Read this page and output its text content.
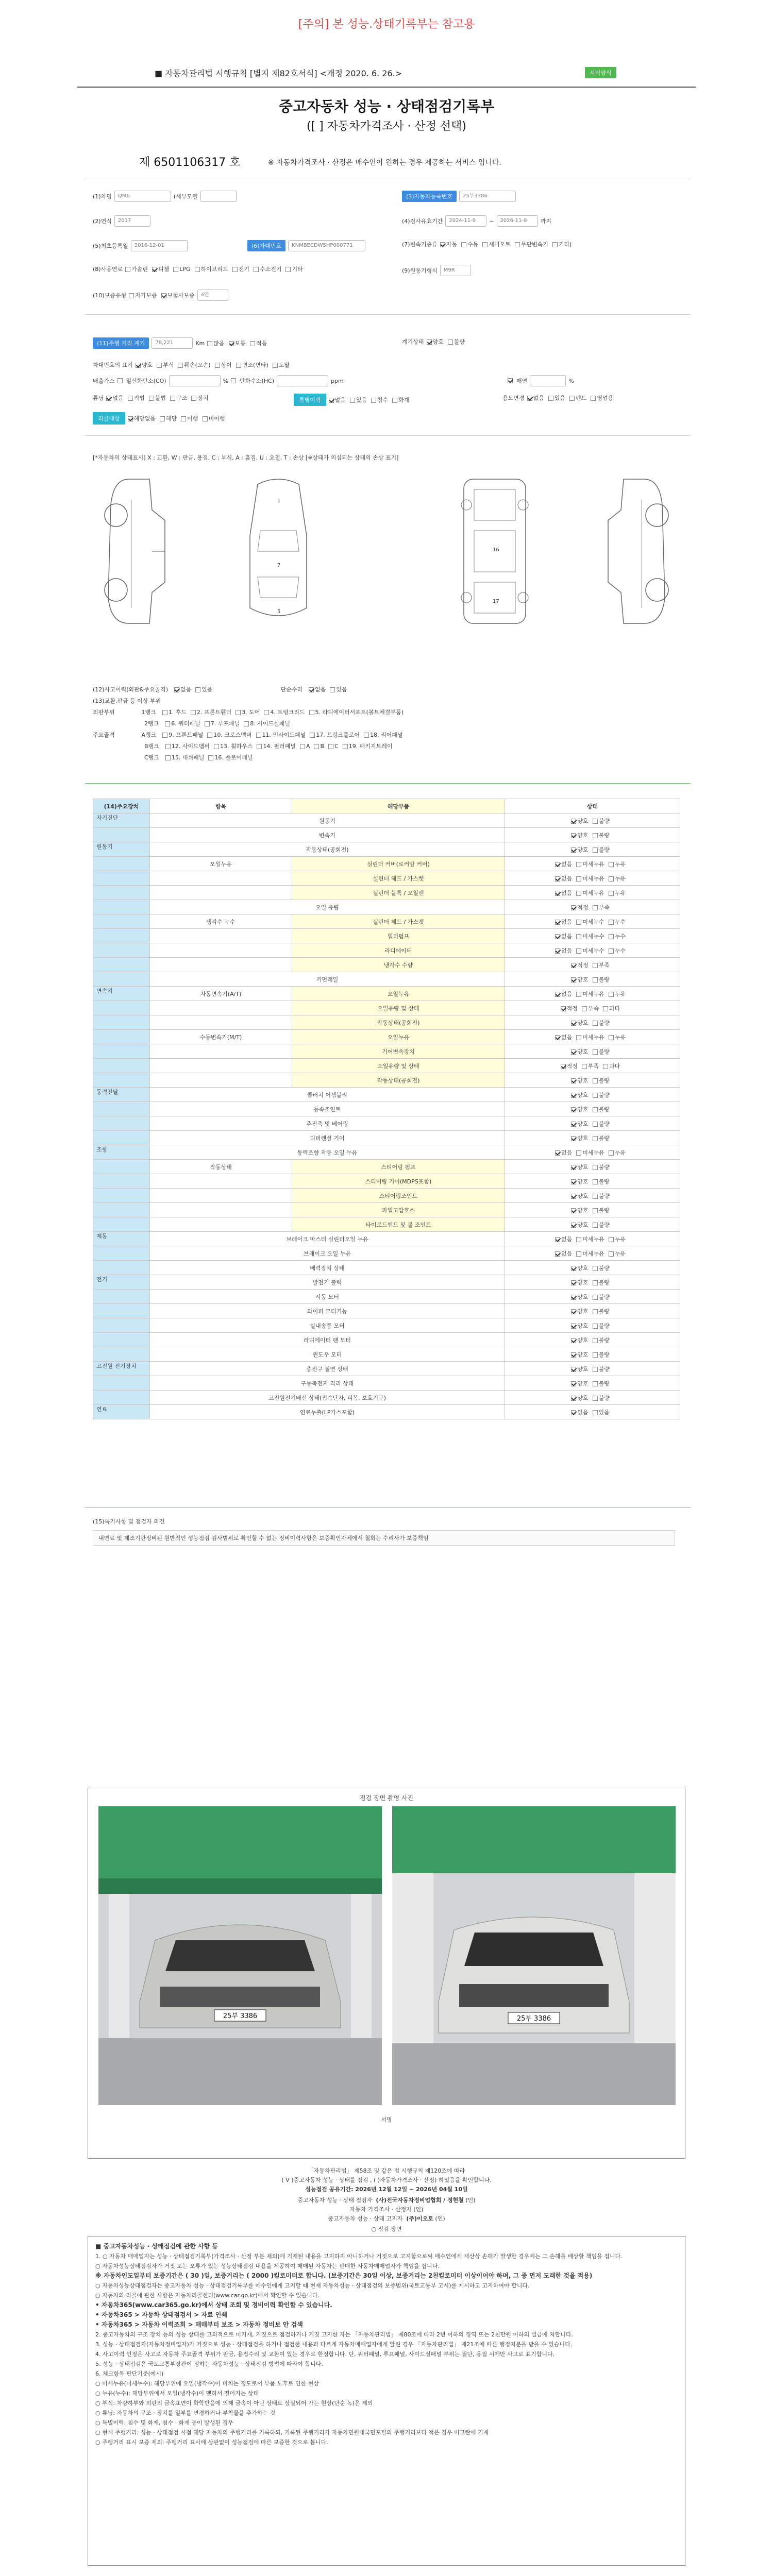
[주의] 본 성능.상태기록부는 참고용
■ 자동차관리법 시행규칙 [별지 제82호서식] <개정 2020. 6. 26.>	서식양식
중고자동차 성능 · 상태점검기록부
([ ] 자동차가격조사 · 산정 선택)
제 6501106317 호	※ 자동차가격조사 · 산정은 매수인이 원하는 경우 제공하는 서비스 입니다.
(1)차명	QM6	(세부모델
(2)연식	2017
(5)최초등록일	2016-12-01
(8)사용연료	가솔린	디젤	LPG	하이브리드	전기	수소전기	기타
(10)보증유형	자가보증	보험사보증	4만
(3)자동차등록번호	25부3386
(4)검사유효기간	2024-11-9	~	2026-11-9	까지
(6)차대번호	KNMBECDW5HP000771	(7)변속기종류	자동	수동	세미오토	무단변속기	기타(
(9)원동기형식	M9R
(11)주행 거리 계기	78,221	Km	많음	보통	적음	계기상태	양호	불량
차대번호의 표기	양호	부식	훼손(오손)	상이	변조(변타)	도말
배출가스 일산화탄소(CO)	% 탄화수소(HC)	ppm	매연	%
튜닝	없음	적법	불법	구조	장치	특별이력	없음	있음	침수	화재	용도변경	없음	있음	렌트	영업용
리콜대상	해당없음	해당	이행	미이행
[*자동차의 상태표시] X : 교환, W : 판금, 용접, C : 부식, A : 흠집, U : 요철, T : 손상 [※상태가 의심되는 상태의 손상 표기]
1
7
5
16
17
(12)사고이력(외판&주요골격)	없음	있음	단순수리	없음	있음
(13)교환,판금 등 이상 부위
외판부위	1랭크	1. 후드	2. 프론트휀더	3. 도어	4. 트렁크리드	5. 라디에이터서포트(볼트체결부품)
2랭크	6. 쿼터패널	7. 루프패널	8. 사이드실패널
주요골격	A랭크	9. 프론트패널	10. 크로스멤버	11. 인사이드패널	17. 트렁크플로어	18. 리어패널
B랭크	12. 사이드멤버	13. 휠하우스	14. 필러패널	A	B	C	19. 패키지트레이
C랭크	15. 대쉬패널	16. 플로어패널
(14)주요장치	항목	해당부품	상태
자기진단	원동기		양호 불량
	변속기		양호 불량
원동기	작동상태(공회전)		양호 불량
	오일누유	실린더 커버(로커암 커버)	없음 미세누유 누유
		실린더 헤드 / 가스켓	없음 미세누유 누유
		실린더 블록 / 오일팬	없음 미세누유 누유
	오일 유량		적정 부족
	냉각수 누수	실린더 헤드 / 가스켓	없음 미세누수 누수
		워터펌프	없음 미세누수 누수
		라디에이터	없음 미세누수 누수
		냉각수 수량	적정 부족
	커먼레일		양호 불량
변속기	자동변속기(A/T)	오일누유	없음 미세누유 누유
		오일유량 및 상태	적정 부족 과다
		작동상태(공회전)	양호 불량
	수동변속기(M/T)	오일누유	없음 미세누유 누유
		기어변속장치	양호 불량
		오일유량 및 상태	적정 부족 과다
		작동상태(공회전)	양호 불량
동력전달	클러치 어셈블리		양호 불량
	등속조인트		양호 불량
	추진축 및 베어링		양호 불량
	디퍼렌셜 기어		양호 불량
조향	동력조향 작동 오일 누유		없음 미세누유 누유
	작동상태	스티어링 펌프	양호 불량
		스티어링 기어(MDPS포함)	양호 불량
		스티어링조인트	양호 불량
		파워고압호스	양호 불량
		타이로드엔드 및 볼 조인트	양호 불량
제동	브레이크 마스터 실린더오일 누유		없음 미세누유 누유
	브레이크 오일 누유		없음 미세누유 누유
	배력장치 상태		양호 불량
전기	발전기 출력		양호 불량
	시동 모터		양호 불량
	와이퍼 모터기능		양호 불량
	실내송풍 모터		양호 불량
	라디에이터 팬 모터		양호 불량
	윈도우 모터		양호 불량
고전원 전기장치	충전구 절연 상태		양호 불량
	구동축전지 격리 상태		양호 불량
	고전원전기배선 상태(접속단자, 피복, 보호기구)		양호 불량
연료	연료누출(LP가스포함)		없음 있음
(15)특기사항 및 점검자 의견
내연료 및 제조기관정비된 원반적인 성능점검 검사범위로 확인할 수 없는 정비이력사항은 보증확인자체에서 철회는 수리사가 보증책임
점검 장면 촬영 사진
25부 3386	25부 3386
서명
「자동차관리법」 제58조 및 같은 법 시행규칙 제120조에 따라
( V )중고자동차 성능 · 상태를 점검 , ( )자동차가격조사 · 산정) 하였음을 확인합니다.
성능점검 공유기간: 2026년 12월 12일 ~ 2026년 04월 10일
중고자동차 성능 · 상태 점검자 (사)전국자동차정비업협회 / 정현철 (인)
자동차 가격조사 · 산정자 (인)
중고자동차 성능 · 상태 고지자 (주)이오토 (인)
○ 점검 장면

■ 중고자동차성능 · 상태점검에 관한 사항 등

1. ○ 자동차 매매업자는 성능 · 상태점검기록부(가격조사 · 산정 부분 제외)에 기재된 내용을 고지하지 아니하거나 거짓으로 고지함으로써 매수인에게 재산상 손해가 발생한 경우에는 그 손해를 배상할 책임을 집니다.

○ 자동차성능상태점검자가 거짓 또는 오류가 있는 성능상태점검 내용을 제공하여 매매된 자동차는 판매한 자동차매매업자가 책임을 집니다.

※ 자동차인도일부터 보증기간은 ( 30 )일, 보증거리는 ( 2000 )킬로미터로 합니다. (보증기간은 30일 이상, 보증거리는 2천킬로미터 이상이어야 하며, 그 중 먼저 도래한 것을 적용)

○ 자동차성능상태점검자는 중고자동차 성능 · 상태점검기록부를 매수인에게 고지할 때 현재 자동차성능 · 상태점검의 보증범위(국토교통부 고시)를 제시하고 고지하여야 합니다.

○ 자동차의 리콜에 관한 사항은 자동차리콜센터(www.car.go.kr)에서 확인할 수 있습니다.

• 자동차365(www.car365.go.kr)에서 상태 조회 및 정비이력 확인할 수 있습니다.

• 자동차365 > 자동차 상태점검서 > 자료 인쇄

• 자동차365 > 자동차 이력조회 > 매매부터 보조 > 자동차 정비보 안 검색

2. 중고자동차의 구조 장치 등의 성능 상태를 고의적으로 미기재, 거짓으로 점검하거나 거짓 고지한 자는 「자동차관리법」 제80조에 따라 2년 이하의 징역 또는 2천만원 이하의 벌금에 처합니다.

3. 성능 · 상태점검자(자동차정비업자)가 거짓으로 성능 · 상태점검을 하거나 점검한 내용과 다르게 자동차매매업자에게 알린 경우 「자동차관리법」 제21조에 따른 행정처분을 받을 수 있습니다.

4. 사고이력 인정은 사고로 자동차 주요골격 부위가 판금, 용접수리 및 교환이 있는 경우로 한정합니다. 단, 쿼터패널, 루프패널, 사이드실패널 부위는 절단, 용접 시에만 사고로 표기합니다.

5. 성능 · 상태점검은 국토교통부장관이 정하는 자동차성능 · 상태점검 방법에 따라야 합니다.

6. 체크항목 판단기준(예시)

○ 미세누유(미세누수): 해당부위에 오일(냉각수)이 비치는 정도로서 부품 노후로 인한 현상

○ 누유(누수): 해당부위에서 오일(냉각수)이 맺혀서 떨어지는 상태

○ 부식: 차량하부와 외판의 금속표면이 화학반응에 의해 금속이 아닌 상태로 상실되어 가는 현상(단순 녹)은 제외

○ 튜닝: 자동차의 구조 · 장치를 일부를 변경하거나 부착물을 추가하는 것

○ 특별이력: 침수 및 화재, 침수 · 화재 등이 발생된 경우

○ 현재 주행거리: 성능 · 상태점검 시점 해당 자동차의 주행거리를 기록하되, 기록된 주행거리가 자동차민원대국민포털의 주행거리보다 적은 경우 비고란에 기재

○ 주행거리 표시 보증 제외: 주행거리 표시에 상관없이 성능점검에 따른 보증한 것으로 봅니다.
